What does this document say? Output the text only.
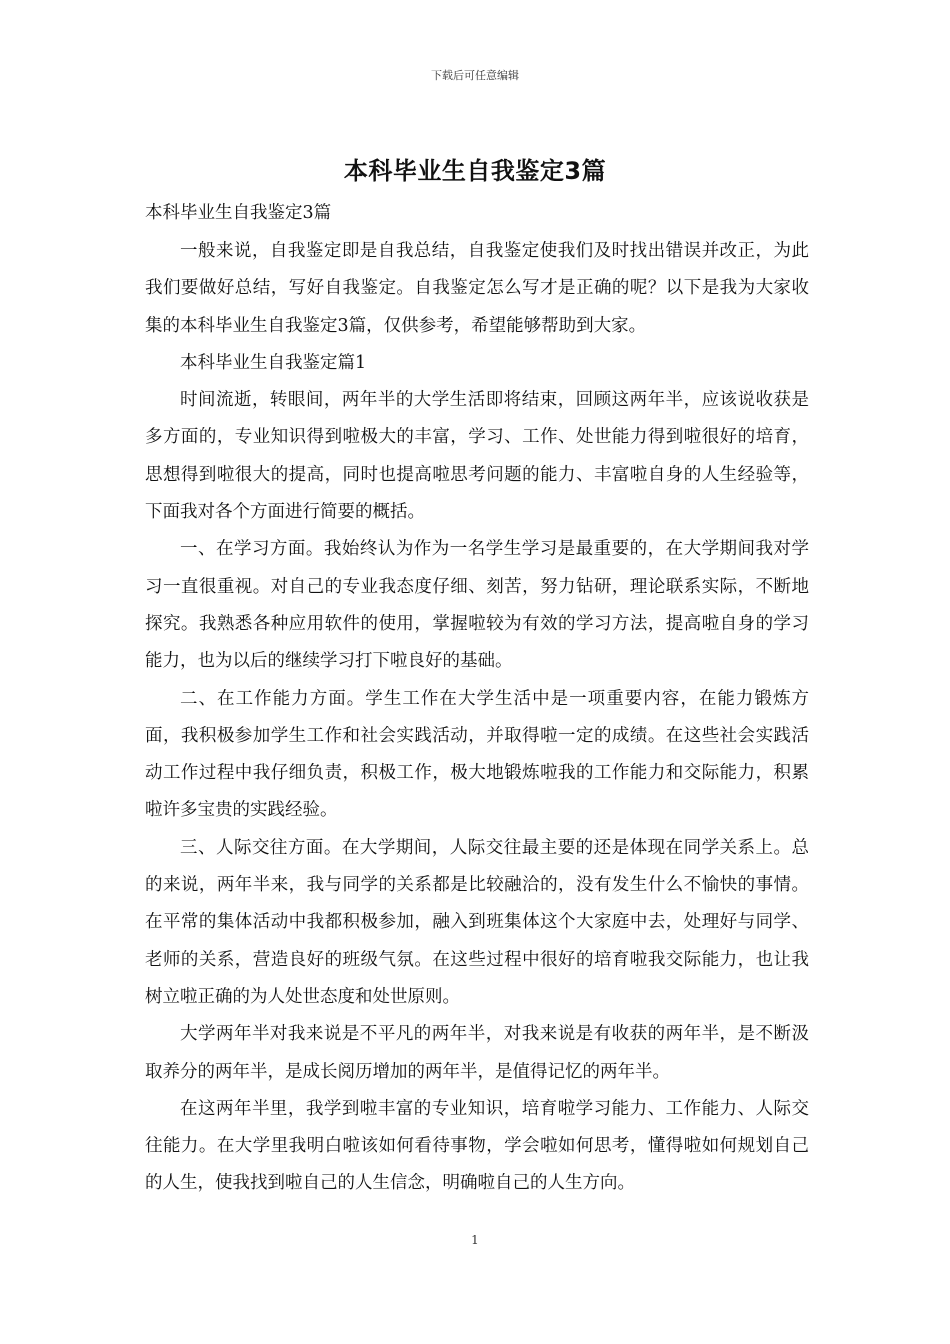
下载后可任意编辑
本科毕业生自我鉴定3篇

本科毕业生自我鉴定3篇

一般来说，自我鉴定即是自我总结，自我鉴定使我们及时找出错误并改正，为此我们要做好总结，写好自我鉴定。自我鉴定怎么写才是正确的呢？以下是我为大家收集的本科毕业生自我鉴定3篇，仅供参考，希望能够帮助到大家。

本科毕业生自我鉴定篇1

时间流逝，转眼间，两年半的大学生活即将结束，回顾这两年半，应该说收获是多方面的，专业知识得到啦极大的丰富，学习、工作、处世能力得到啦很好的培育，思想得到啦很大的提高，同时也提高啦思考问题的能力、丰富啦自身的人生经验等，下面我对各个方面进行简要的概括。

一、在学习方面。我始终认为作为一名学生学习是最重要的，在大学期间我对学习一直很重视。对自己的专业我态度仔细、刻苦，努力钻研，理论联系实际，不断地探究。我熟悉各种应用软件的使用，掌握啦较为有效的学习方法，提高啦自身的学习能力，也为以后的继续学习打下啦良好的基础。

二、在工作能力方面。学生工作在大学生活中是一项重要内容，在能力锻炼方面，我积极参加学生工作和社会实践活动，并取得啦一定的成绩。在这些社会实践活动工作过程中我仔细负责，积极工作，极大地锻炼啦我的工作能力和交际能力，积累啦许多宝贵的实践经验。

三、人际交往方面。在大学期间，人际交往最主要的还是体现在同学关系上。总的来说，两年半来，我与同学的关系都是比较融洽的，没有发生什么不愉快的事情。在平常的集体活动中我都积极参加，融入到班集体这个大家庭中去，处理好与同学、老师的关系，营造良好的班级气氛。在这些过程中很好的培育啦我交际能力，也让我树立啦正确的为人处世态度和处世原则。

大学两年半对我来说是不平凡的两年半，对我来说是有收获的两年半，是不断汲取养分的两年半，是成长阅历增加的两年半，是值得记忆的两年半。

在这两年半里，我学到啦丰富的专业知识，培育啦学习能力、工作能力、人际交往能力。在大学里我明白啦该如何看待事物，学会啦如何思考，懂得啦如何规划自己的人生，使我找到啦自己的人生信念，明确啦自己的人生方向。

1
